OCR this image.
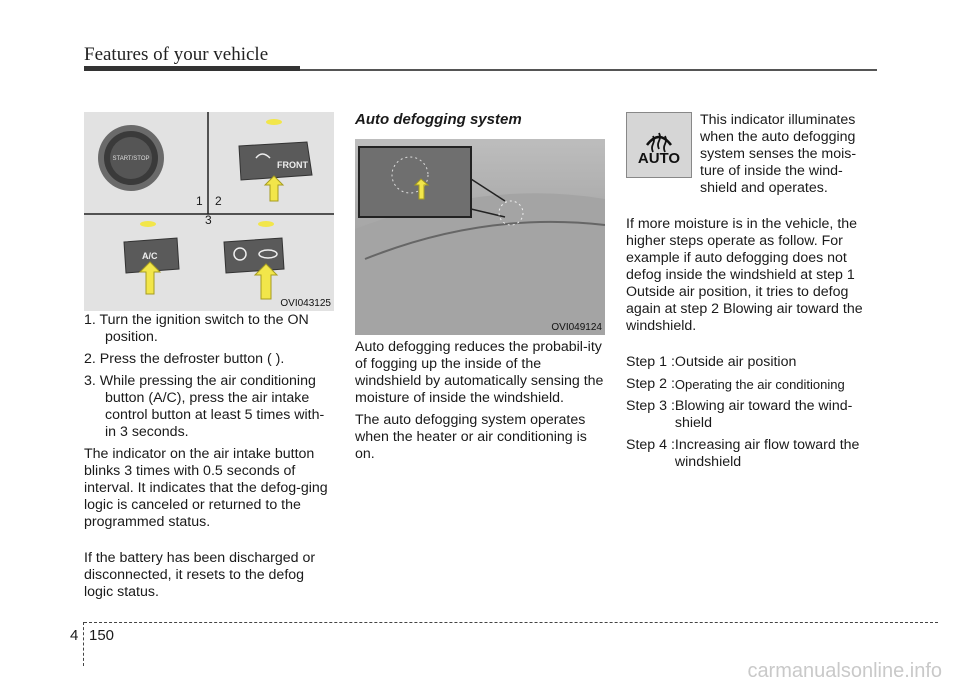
Features of your vehicle
START/STOP
FRONT
A/C
1 2
3
OVI043125

1. Turn the ignition switch to the ON position.

2. Press the defroster button ( ).

3. While pressing the air conditioning button (A/C), press the air intake control button at least 5 times with-in 3 seconds.

The indicator on the air intake button blinks 3 times with 0.5 seconds of interval. It indicates that the defog-ging logic is canceled or returned to the programmed status.

If the battery has been discharged or disconnected, it resets to the defog logic status.

Auto defogging system
OVI049124

Auto defogging reduces the probabil-ity of fogging up the inside of the windshield by automatically sensing the moisture of inside the windshield.

The auto defogging system operates when the heater or air conditioning is on.

AUTO
This indicator illuminates when the auto defogging system senses the mois-ture of inside the wind-shield and operates.

If more moisture is in the vehicle, the higher steps operate as follow. For example if auto defogging does not defog inside the windshield at step 1 Outside air position, it tries to defog again at step 2 Blowing air toward the windshield.

Step 1 : Outside air position
Step 2 : Operating the air conditioning
Step 3 : Blowing air toward the wind-shield
Step 4 : Increasing air flow toward the windshield
4 150
carmanualsonline.info
